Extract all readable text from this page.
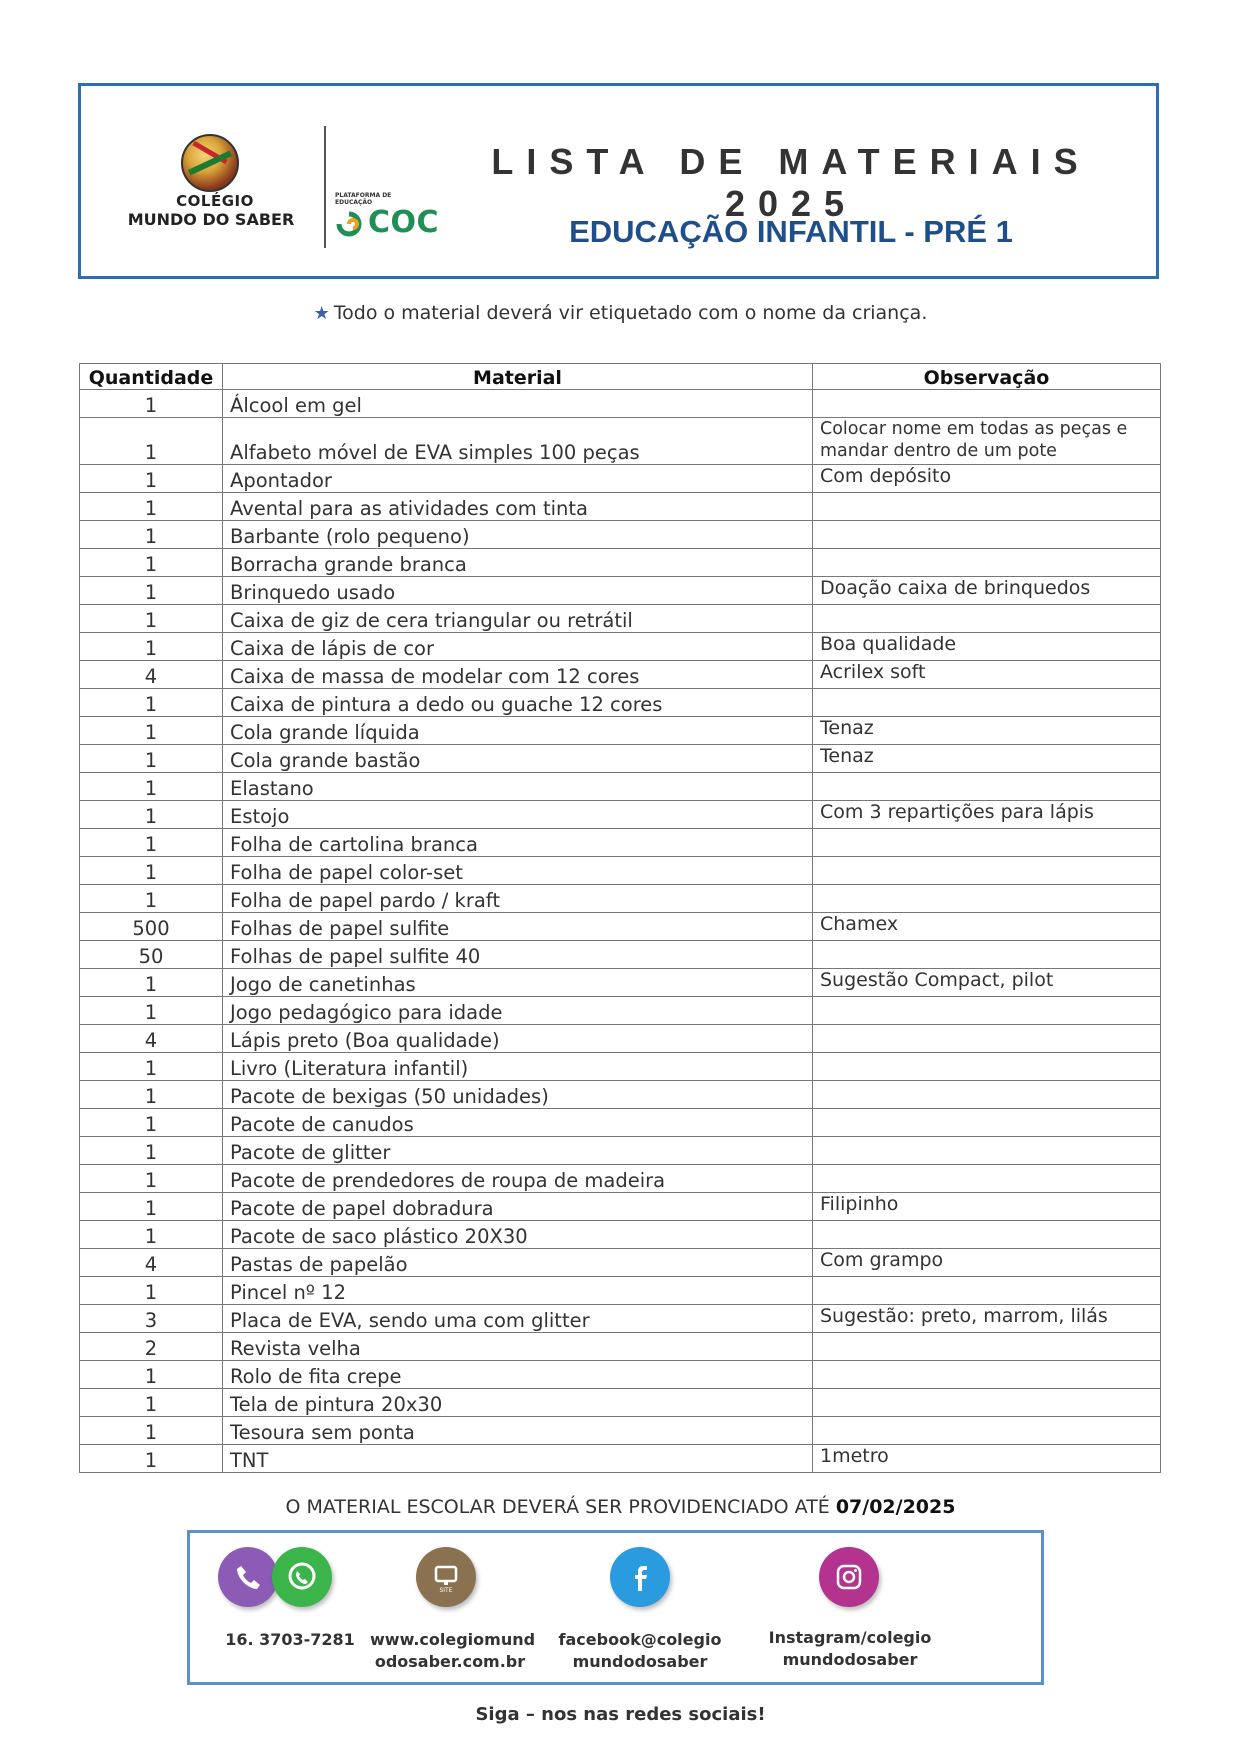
COLÉGIO
MUNDO DO SABER
PLATAFORMA DE EDUCAÇÃO
COC
LISTA DE MATERIAIS 2025
EDUCAÇÃO INFANTIL - PRÉ 1
★ Todo o material deverá vir etiquetado com o nome da criança.
Quantidade	Material	Observação
1	Álcool em gel	
1	Alfabeto móvel de EVA simples 100 peças	Colocar nome em todas as peças e mandar dentro de um pote
1	Apontador	Com depósito
1	Avental para as atividades com tinta	
1	Barbante (rolo pequeno)	
1	Borracha grande branca	
1	Brinquedo usado	Doação caixa de brinquedos
1	Caixa de giz de cera triangular ou retrátil	
1	Caixa de lápis de cor	Boa qualidade
4	Caixa de massa de modelar com 12 cores	Acrilex soft
1	Caixa de pintura a dedo ou guache 12 cores	
1	Cola grande líquida	Tenaz
1	Cola grande bastão	Tenaz
1	Elastano	
1	Estojo	Com 3 repartições para lápis
1	Folha de cartolina branca	
1	Folha de papel color-set	
1	Folha de papel pardo / kraft	
500	Folhas de papel sulfite	Chamex
50	Folhas de papel sulfite 40	
1	Jogo de canetinhas	Sugestão Compact, pilot
1	Jogo pedagógico para idade	
4	Lápis preto (Boa qualidade)	
1	Livro (Literatura infantil)	
1	Pacote de bexigas (50 unidades)	
1	Pacote de canudos	
1	Pacote de glitter	
1	Pacote de prendedores de roupa de madeira	
1	Pacote de papel dobradura	Filipinho
1	Pacote de saco plástico 20X30	
4	Pastas de papelão	Com grampo
1	Pincel nº 12	
3	Placa de EVA, sendo uma com glitter	Sugestão: preto, marrom, lilás
2	Revista velha	
1	Rolo de fita crepe	
1	Tela de pintura 20x30	
1	Tesoura sem ponta	
1	TNT	1metro
O MATERIAL ESCOLAR DEVERÁ SER PROVIDENCIADO ATÉ 07/02/2025
16. 3703-7281
SITE
www.colegiomund
odosaber.com.br
facebook@colegio
mundodosaber
Instagram/colegio
mundodosaber
Siga – nos nas redes sociais!
